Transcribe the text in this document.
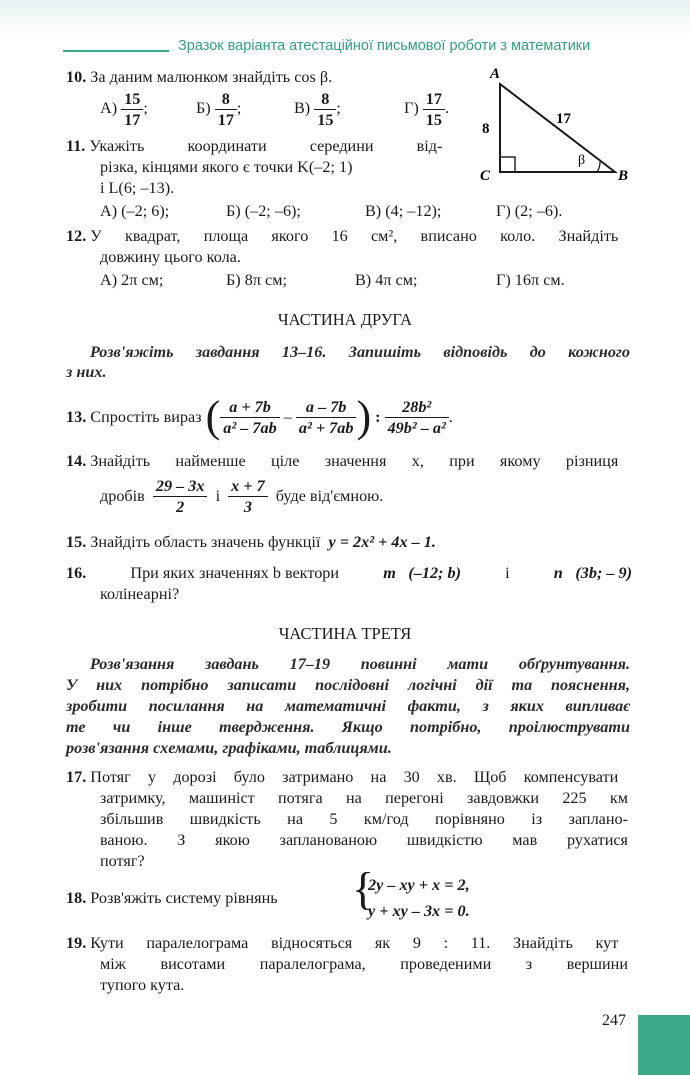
Зразок варіанта атестаційної письмової роботи з математики
10. За даним малюнком знайдіть cos β.
$А) \frac{15}{17}$ ;	$Б) \frac{8}{17}$ ;	$В) \frac{8}{15}$ ;	$Г) \frac{17}{15}$ .
A
C	B
8
17
β
11. Укажіть координати середини від-
різка, кінцями якого є точки K(–2; 1)
і L(6; –13).
А) (–2; 6);	Б) (–2; –6);	В) (4; –12);	Г) (2; –6).
12. У квадрат, площа якого 16 см², вписано коло. Знайдіть
довжину цього кола.
А) 2π см;	Б) 8π см;	В) 4π см;	Г) 16π см.
ЧАСТИНА ДРУГА
Розв'яжіть завдання 13–16. Запишіть відповідь до кожного
з них.
13.
Спростіть вираз
( $\frac{a + 7b}{\text{a² – 7ab}}$
–
$\frac{a - 7b}{\text{a² + 7ab}}$ )
:
$\frac{\text{28b²}}{\text{49b² – a²}}$ .
14. Знайдіть найменше ціле значення x, при якому різниця
дробів
$\frac{29 - 3x}{2}$
і
$\frac{x + 7}{3}$
буде від'ємною.
15. Знайдіть область значень функції y = 2x² + 4x – 1.
16.	При яких значеннях b вектори	m⃗(–12; b)	і	n⃗(3b; – 9)
колінеарні?
ЧАСТИНА ТРЕТЯ
Розв'язання завдань 17–19 повинні мати обґрунтування.
У них потрібно записати послідовні логічні дії та пояснення,
зробити посилання на математичні факти, з яких випливає
те чи інше твердження. Якщо потрібно, проілюструвати
розв'язання схемами, графіками, таблицями.
17. Потяг у дорозі було затримано на 30 хв. Щоб компенсувати
затримку, машиніст потяга на перегоні завдовжки 225 км
збільшив швидкість на 5 км/год порівняно із заплано-
ваною. З якою запланованою швидкістю мав рухатися
потяг?
18. Розв'яжіть систему рівнянь {
2y – xy + x = 2,
y + xy – 3x = 0.
19. Кути паралелограма відносяться як 9 : 11. Знайдіть кут
між висотами паралелограма, проведеними з вершини
тупого кута.
247
